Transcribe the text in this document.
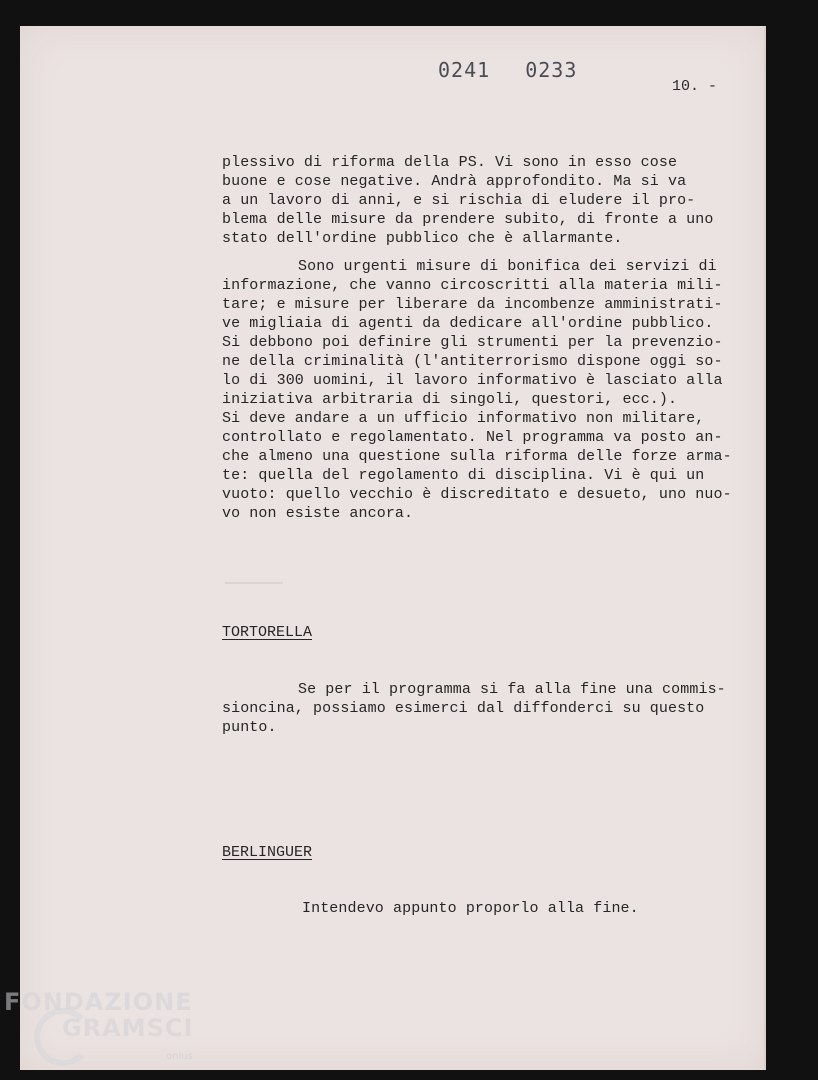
0241 0233
10. -
plessivo di riforma della PS. Vi sono in esso cose
buone e cose negative. Andrà approfondito. Ma si va
a un lavoro di anni, e si rischia di eludere il pro-
blema delle misure da prendere subito, di fronte a uno
stato dell'ordine pubblico che è allarmante.
Sono urgenti misure di bonifica dei servizi di
informazione, che vanno circoscritti alla materia mili-
tare; e misure per liberare da incombenze amministrati-
ve migliaia di agenti da dedicare all'ordine pubblico.
Si debbono poi definire gli strumenti per la prevenzio-
ne della criminalità (l'antiterrorismo dispone oggi so-
lo di 300 uomini, il lavoro informativo è lasciato alla
iniziativa arbitraria di singoli, questori, ecc.).
Si deve andare a un ufficio informativo non militare,
controllato e regolamentato. Nel programma va posto an-
che almeno una questione sulla riforma delle forze arma-
te: quella del regolamento di disciplina. Vi è qui un
vuoto: quello vecchio è discreditato e desueto, uno nuo-
vo non esiste ancora.
TORTORELLA
Se per il programma si fa alla fine una commis-
sioncina, possiamo esimerci dal diffonderci su questo
punto.
BERLINGUER
Intendevo appunto proporlo alla fine.
FONDAZIONE
GRAMSCI
onlus
